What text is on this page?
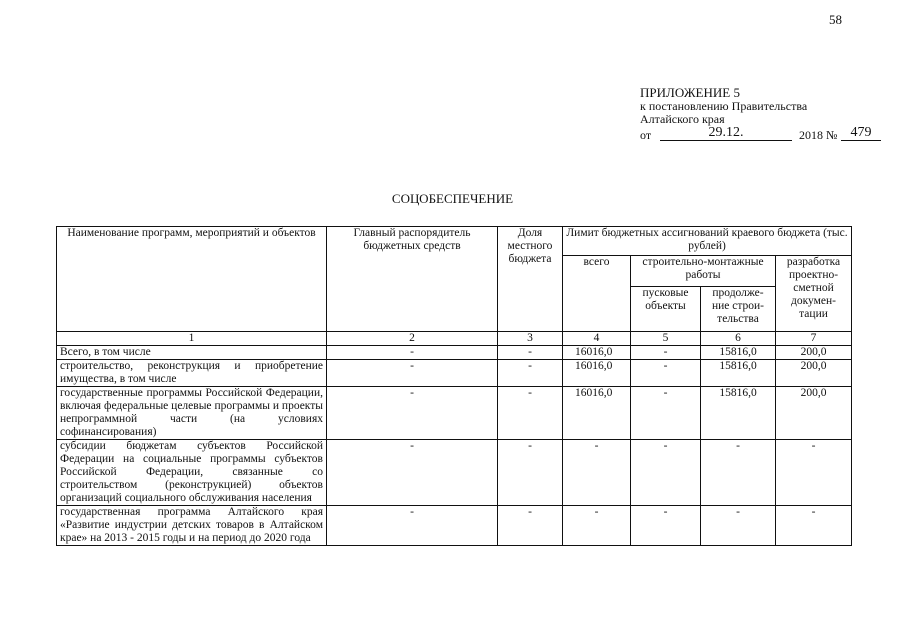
58
ПРИЛОЖЕНИЕ 5
к постановлению Правительства
Алтайского края
от	29.12.	2018 № 479
СОЦОБЕСПЕЧЕНИЕ
Наименование программ, мероприятий и объектов	Главный распорядитель бюджетных средств	Доля местного бюджета	Лимит бюджетных ассигнований краевого бюджета (тыс. рублей)			
			всего	строительно-монтажные работы		разработка проектно-сметной докумен-тации
				пусковые объекты	продолже-ние строи-тельства	
1	2	3	4	5	6	7
Всего, в том числе	-	-	16016,0	-	15816,0	200,0
строительство, реконструкция и приобретение имущества, в том числе	-	-	16016,0	-	15816,0	200,0
государственные программы Российской Федерации, включая федеральные целевые программы и проекты непрограммной части (на условиях софинансирования)	-	-	16016,0	-	15816,0	200,0
субсидии бюджетам субъектов Российской Федерации на социальные программы субъектов Российской Федерации, связанные со строительством (реконструкцией) объектов организаций социального обслуживания населения	-	-	-	-	-	-
государственная программа Алтайского края «Развитие индустрии детских товаров в Алтайском крае» на 2013 - 2015 годы и на период до 2020 года	-	-	-	-	-	-
